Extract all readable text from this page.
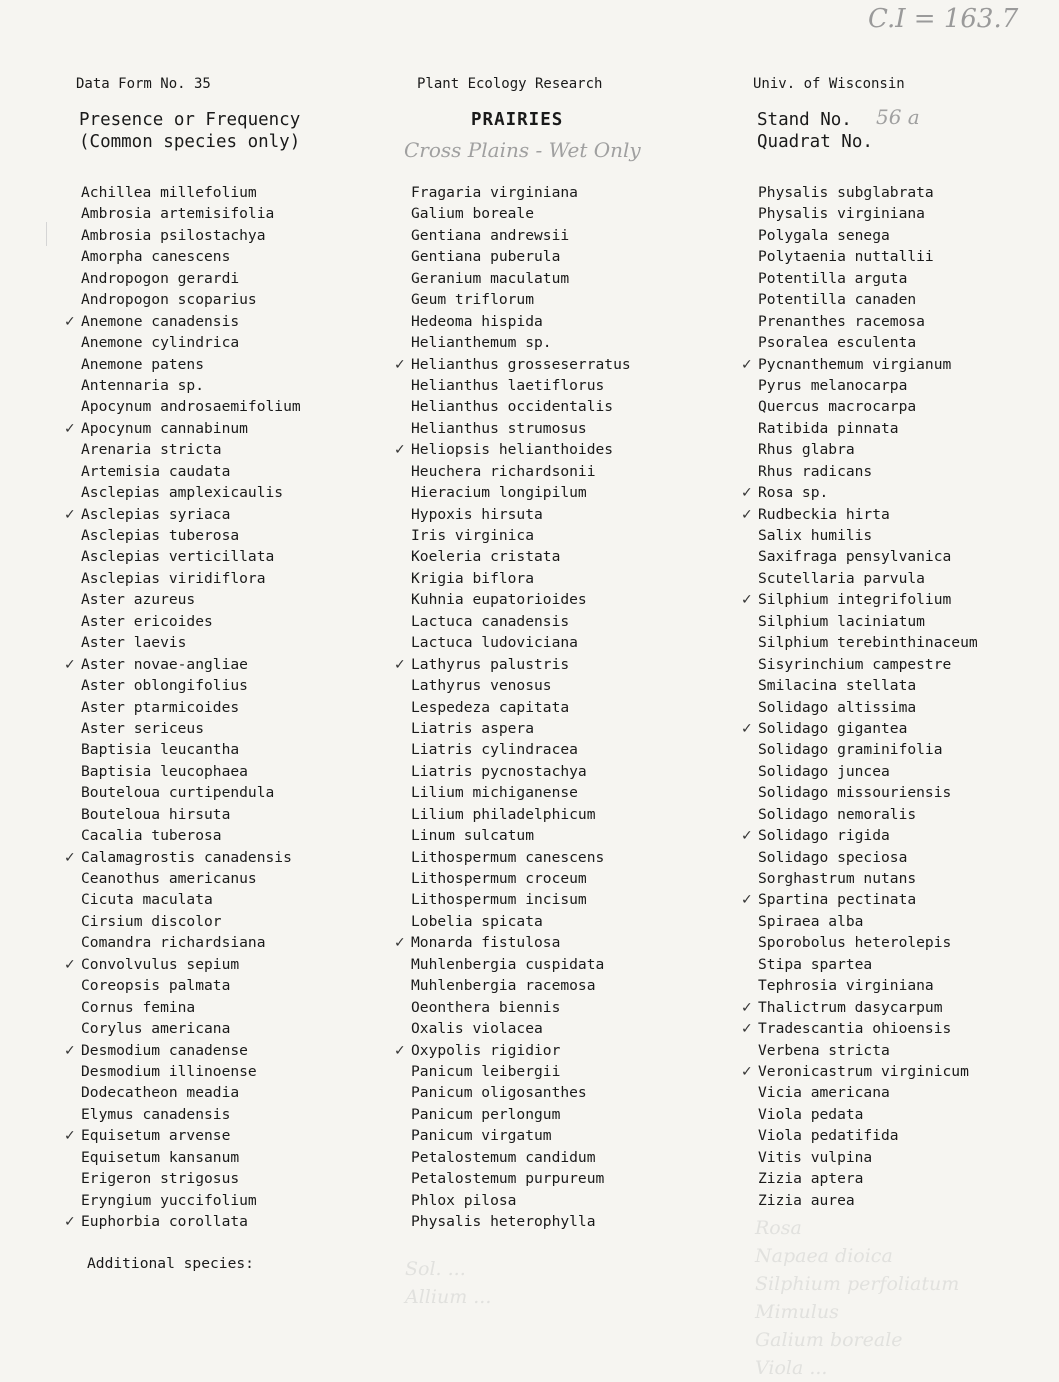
C.I = 163.7
Data Form No. 35	Plant Ecology Research	Univ. of Wisconsin
Presence or Frequency
(Common species only)
PRAIRIES	Stand No.
Quadrat No.
56 a
Cross Plains - Wet Only
Achillea millefolium
Ambrosia artemisifolia
Ambrosia psilostachya
Amorpha canescens
Andropogon gerardi
Andropogon scoparius
✓ Anemone canadensis
Anemone cylindrica
Anemone patens
Antennaria sp.
Apocynum androsaemifolium
✓ Apocynum cannabinum
Arenaria stricta
Artemisia caudata
Asclepias amplexicaulis
✓ Asclepias syriaca
Asclepias tuberosa
Asclepias verticillata
Asclepias viridiflora
Aster azureus
Aster ericoides
Aster laevis
✓ Aster novae-angliae
Aster oblongifolius
Aster ptarmicoides
Aster sericeus
Baptisia leucantha
Baptisia leucophaea
Bouteloua curtipendula
Bouteloua hirsuta
Cacalia tuberosa
✓ Calamagrostis canadensis
Ceanothus americanus
Cicuta maculata
Cirsium discolor
Comandra richardsiana
✓ Convolvulus sepium
Coreopsis palmata
Cornus femina
Corylus americana
✓ Desmodium canadense
Desmodium illinoense
Dodecatheon meadia
Elymus canadensis
✓ Equisetum arvense
Equisetum kansanum
Erigeron strigosus
Eryngium yuccifolium
✓ Euphorbia corollata
Fragaria virginiana
Galium boreale
Gentiana andrewsii
Gentiana puberula
Geranium maculatum
Geum triflorum
Hedeoma hispida
Helianthemum sp.
✓ Helianthus grosseserratus
Helianthus laetiflorus
Helianthus occidentalis
Helianthus strumosus
✓ Heliopsis helianthoides
Heuchera richardsonii
Hieracium longipilum
Hypoxis hirsuta
Iris virginica
Koeleria cristata
Krigia biflora
Kuhnia eupatorioides
Lactuca canadensis
Lactuca ludoviciana
✓ Lathyrus palustris
Lathyrus venosus
Lespedeza capitata
Liatris aspera
Liatris cylindracea
Liatris pycnostachya
Lilium michiganense
Lilium philadelphicum
Linum sulcatum
Lithospermum canescens
Lithospermum croceum
Lithospermum incisum
Lobelia spicata
✓ Monarda fistulosa
Muhlenbergia cuspidata
Muhlenbergia racemosa
Oeonthera biennis
Oxalis violacea
✓ Oxypolis rigidior
Panicum leibergii
Panicum oligosanthes
Panicum perlongum
Panicum virgatum
Petalostemum candidum
Petalostemum purpureum
Phlox pilosa
Physalis heterophylla
Physalis subglabrata
Physalis virginiana
Polygala senega
Polytaenia nuttallii
Potentilla arguta
Potentilla canaden
Prenanthes racemosa
Psoralea esculenta
✓ Pycnanthemum virgianum
Pyrus melanocarpa
Quercus macrocarpa
Ratibida pinnata
Rhus glabra
Rhus radicans
✓ Rosa sp.
✓ Rudbeckia hirta
Salix humilis
Saxifraga pensylvanica
Scutellaria parvula
✓ Silphium integrifolium
Silphium laciniatum
Silphium terebinthinaceum
Sisyrinchium campestre
Smilacina stellata
Solidago altissima
✓ Solidago gigantea
Solidago graminifolia
Solidago juncea
Solidago missouriensis
Solidago nemoralis
✓ Solidago rigida
Solidago speciosa
Sorghastrum nutans
✓ Spartina pectinata
Spiraea alba
Sporobolus heterolepis
Stipa spartea
Tephrosia virginiana
✓ Thalictrum dasycarpum
✓ Tradescantia ohioensis
Verbena stricta
✓ Veronicastrum virginicum
Vicia americana
Viola pedata
Viola pedatifida
Vitis vulpina
Zizia aptera
Zizia aurea
Additional species:	Sol. ...
Allium ...
Rosa
Napaea dioica
Silphium perfoliatum
Mimulus
Galium boreale
Viola ...
